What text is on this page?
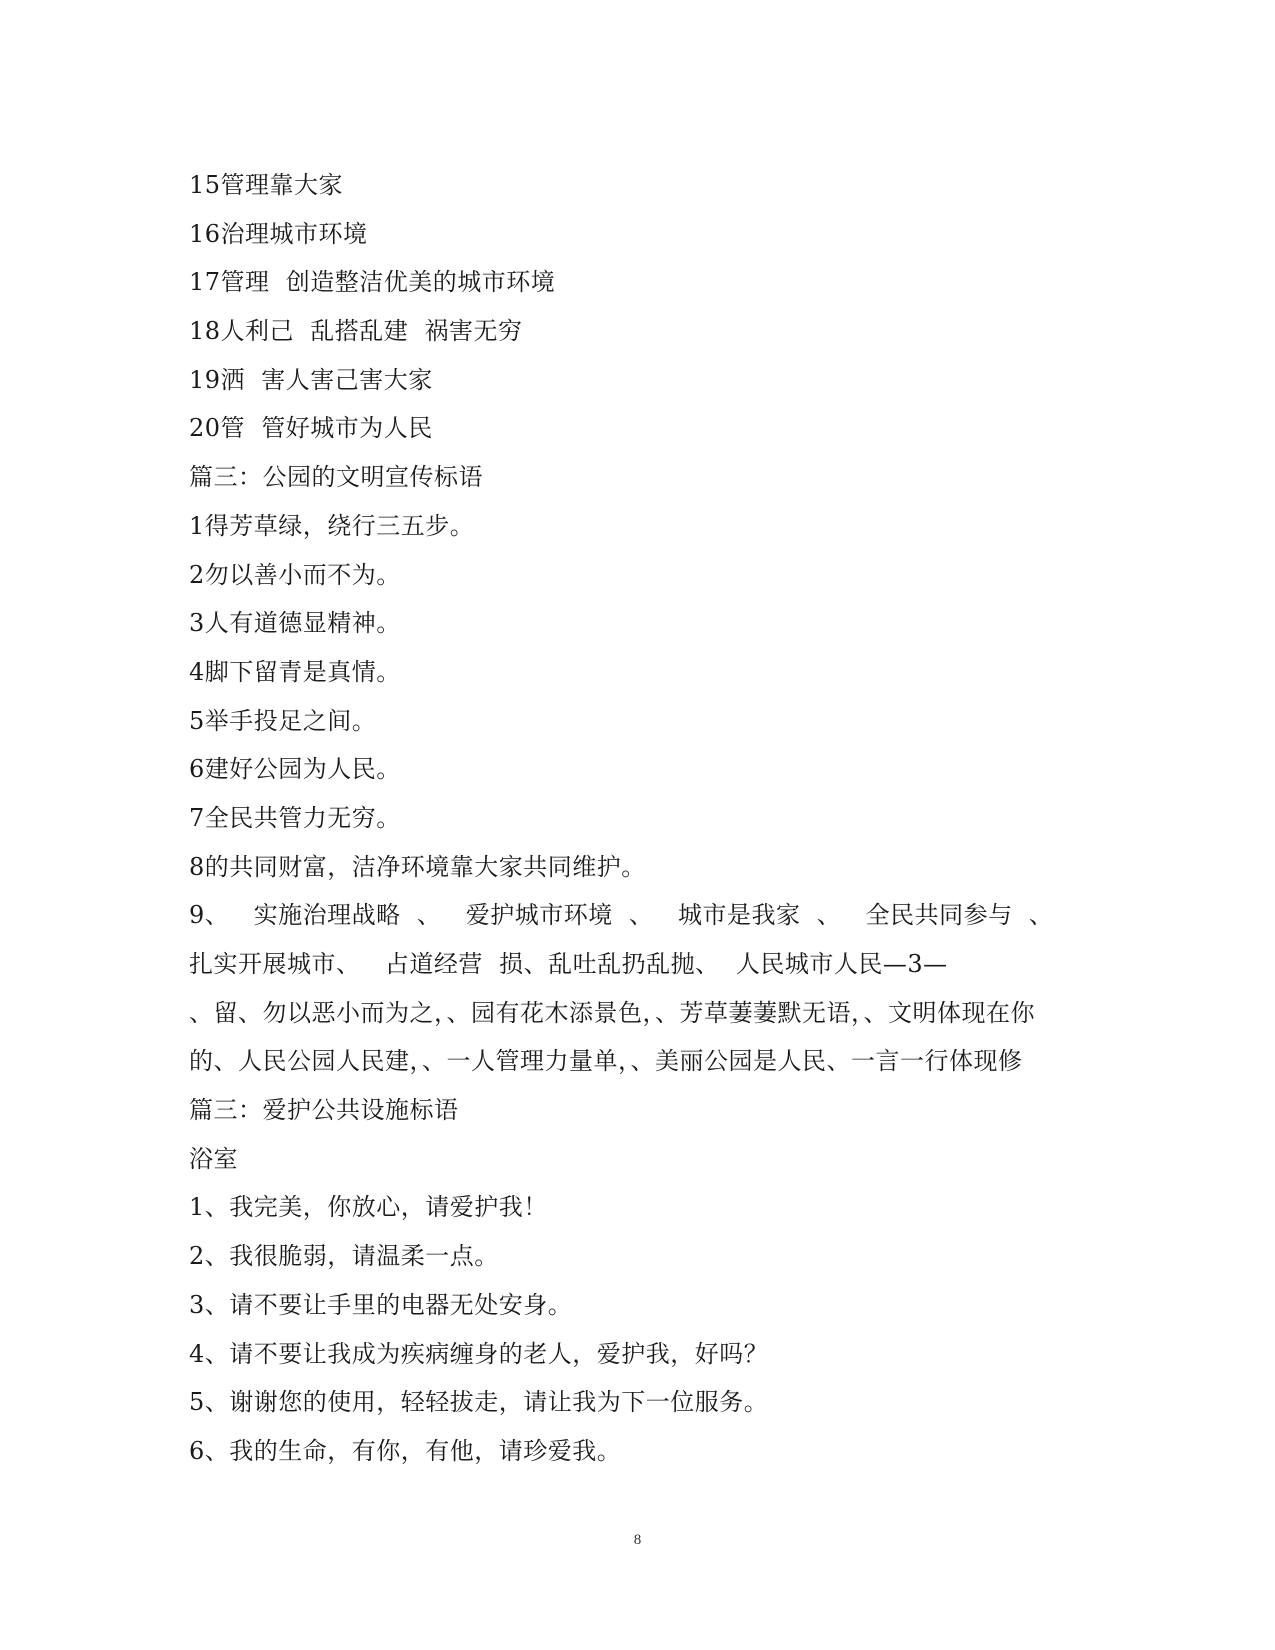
15管理靠大家
16治理城市环境
17管理  创造整洁优美的城市环境
18人利己  乱搭乱建  祸害无穷
19洒  害人害己害大家
20管  管好城市为人民
篇三：公园的文明宣传标语
1得芳草绿，绕行三五步。
2勿以善小而不为。
3人有道德显精神。
4脚下留青是真情。
5举手投足之间。
6建好公园为人民。
7全民共管力无穷。
8的共同财富，洁净环境靠大家共同维护。
9、   实施治理战略  、   爱护城市环境  、   城市是我家  、   全民共同参与  、
扎实开展城市、   占道经营  损、乱吐乱扔乱抛、  人民城市人民—3—
、留、勿以恶小而为之，、园有花木添景色，、芳草萋萋默无语，、文明体现在你
的、人民公园人民建，、一人管理力量单，、美丽公园是人民、一言一行体现修
篇三：爱护公共设施标语
浴室
1、我完美，你放心，请爱护我！
2、我很脆弱，请温柔一点。
3、请不要让手里的电器无处安身。
4、请不要让我成为疾病缠身的老人，爱护我，好吗？
5、谢谢您的使用，轻轻拔走，请让我为下一位服务。
6、我的生命，有你，有他，请珍爱我。
8
